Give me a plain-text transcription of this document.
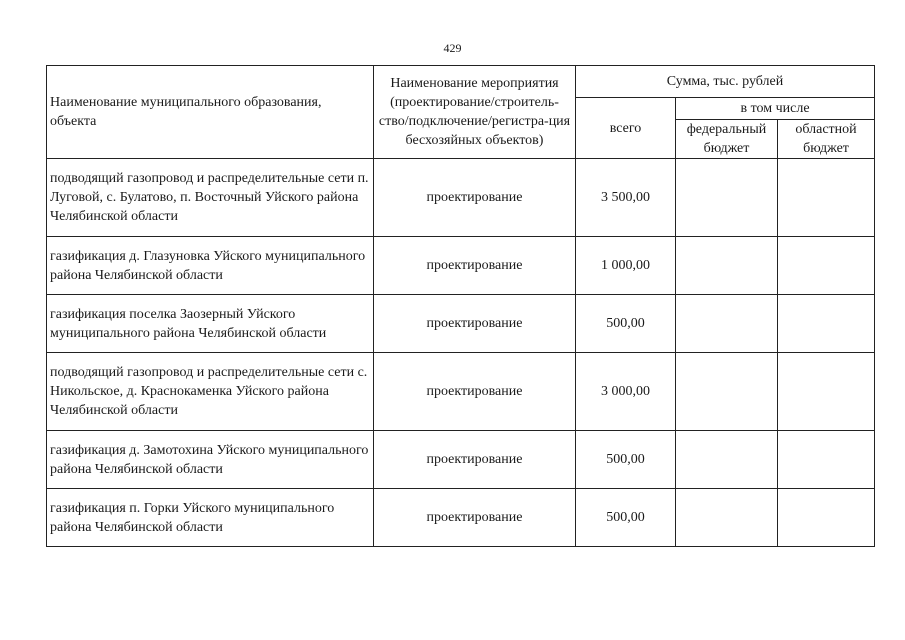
429
Наименование муниципального образования, объекта	Наименование мероприятия (проектирование/строитель-ство/подключение/регистра-ция бесхозяйных объектов)	Сумма, тыс. рублей		
		всего	в том числе	
			федеральный бюджет	областной бюджет
подводящий газопровод и распределительные сети п. Луговой, с. Булатово, п. Восточный Уйского района Челябинской области	проектирование	3 500,00		
газификация д. Глазуновка Уйского муниципального района Челябинской области	проектирование	1 000,00		
газификация поселка Заозерный Уйского муниципального района Челябинской области	проектирование	500,00		
подводящий газопровод и распределительные сети с. Никольское, д. Краснокаменка Уйского района Челябинской области	проектирование	3 000,00		
газификация д. Замотохина Уйского муниципального района Челябинской области	проектирование	500,00		
газификация п. Горки Уйского муниципального района Челябинской области	проектирование	500,00		
